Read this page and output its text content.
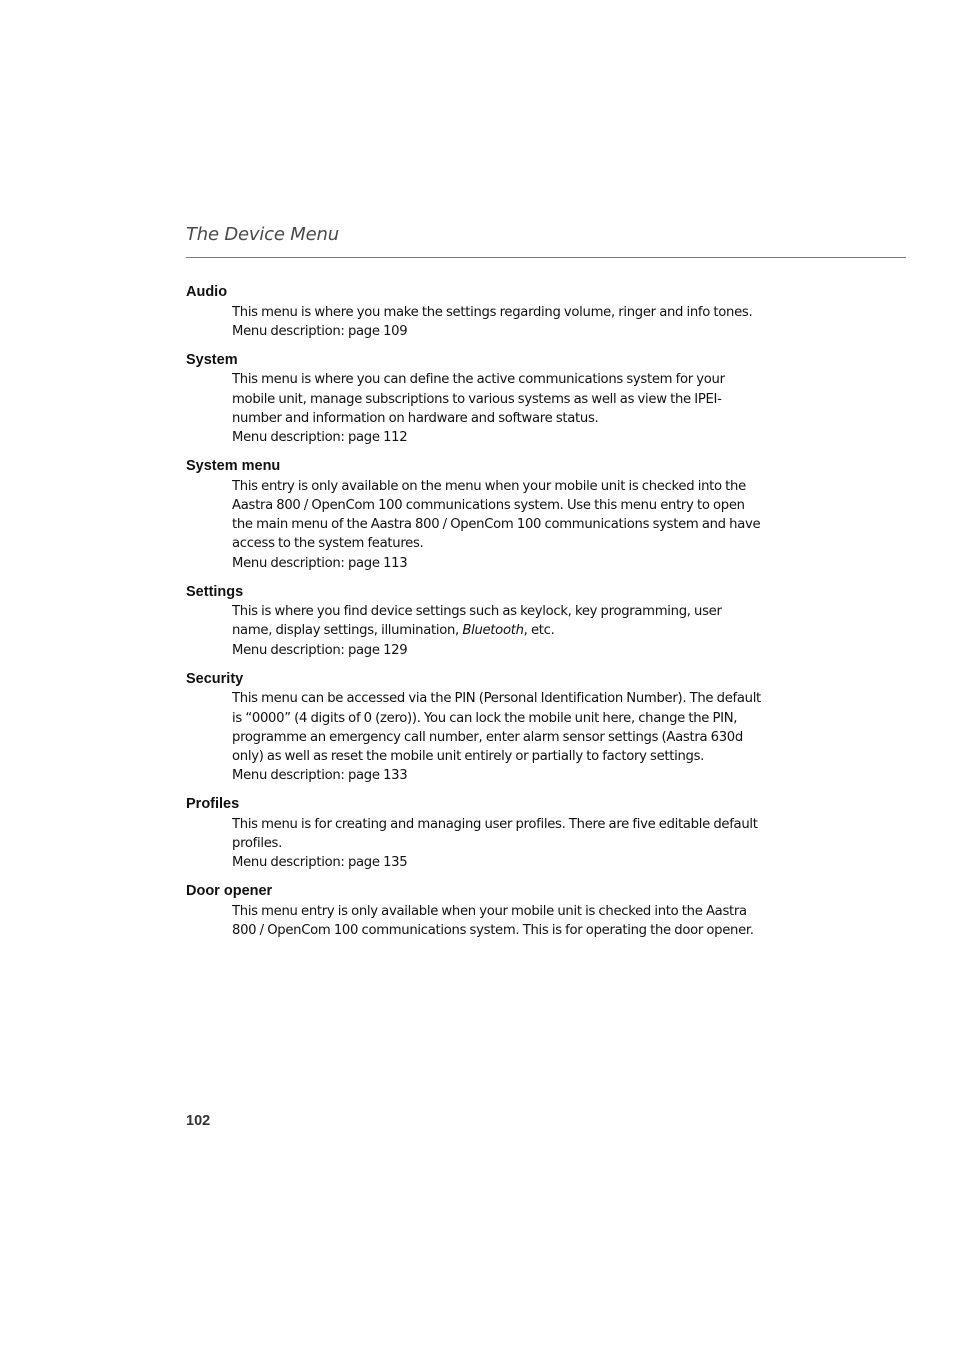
The Device Menu
Audio

This menu is where you make the settings regarding volume, ringer and info tones.

Menu description: page 109

System

This menu is where you can define the active communications system for your mobile unit, manage subscriptions to various systems as well as view the IPEI-number and information on hardware and software status.

Menu description: page 112

System menu

This entry is only available on the menu when your mobile unit is checked into the Aastra 800 / OpenCom 100 communications system. Use this menu entry to open the main menu of the Aastra 800 / OpenCom 100 communications system and have access to the system features.

Menu description: page 113

Settings

This is where you find device settings such as keylock, key programming, user name, display settings, illumination, Bluetooth, etc.

Menu description: page 129

Security

This menu can be accessed via the PIN (Personal Identification Number). The default is “0000” (4 digits of 0 (zero)). You can lock the mobile unit here, change the PIN, programme an emergency call number, enter alarm sensor settings (Aastra 630d only) as well as reset the mobile unit entirely or partially to factory settings.

Menu description: page 133

Profiles

This menu is for creating and managing user profiles. There are five editable default profiles.

Menu description: page 135

Door opener

This menu entry is only available when your mobile unit is checked into the Aastra 800 / OpenCom 100 communications system. This is for operating the door opener.

102
